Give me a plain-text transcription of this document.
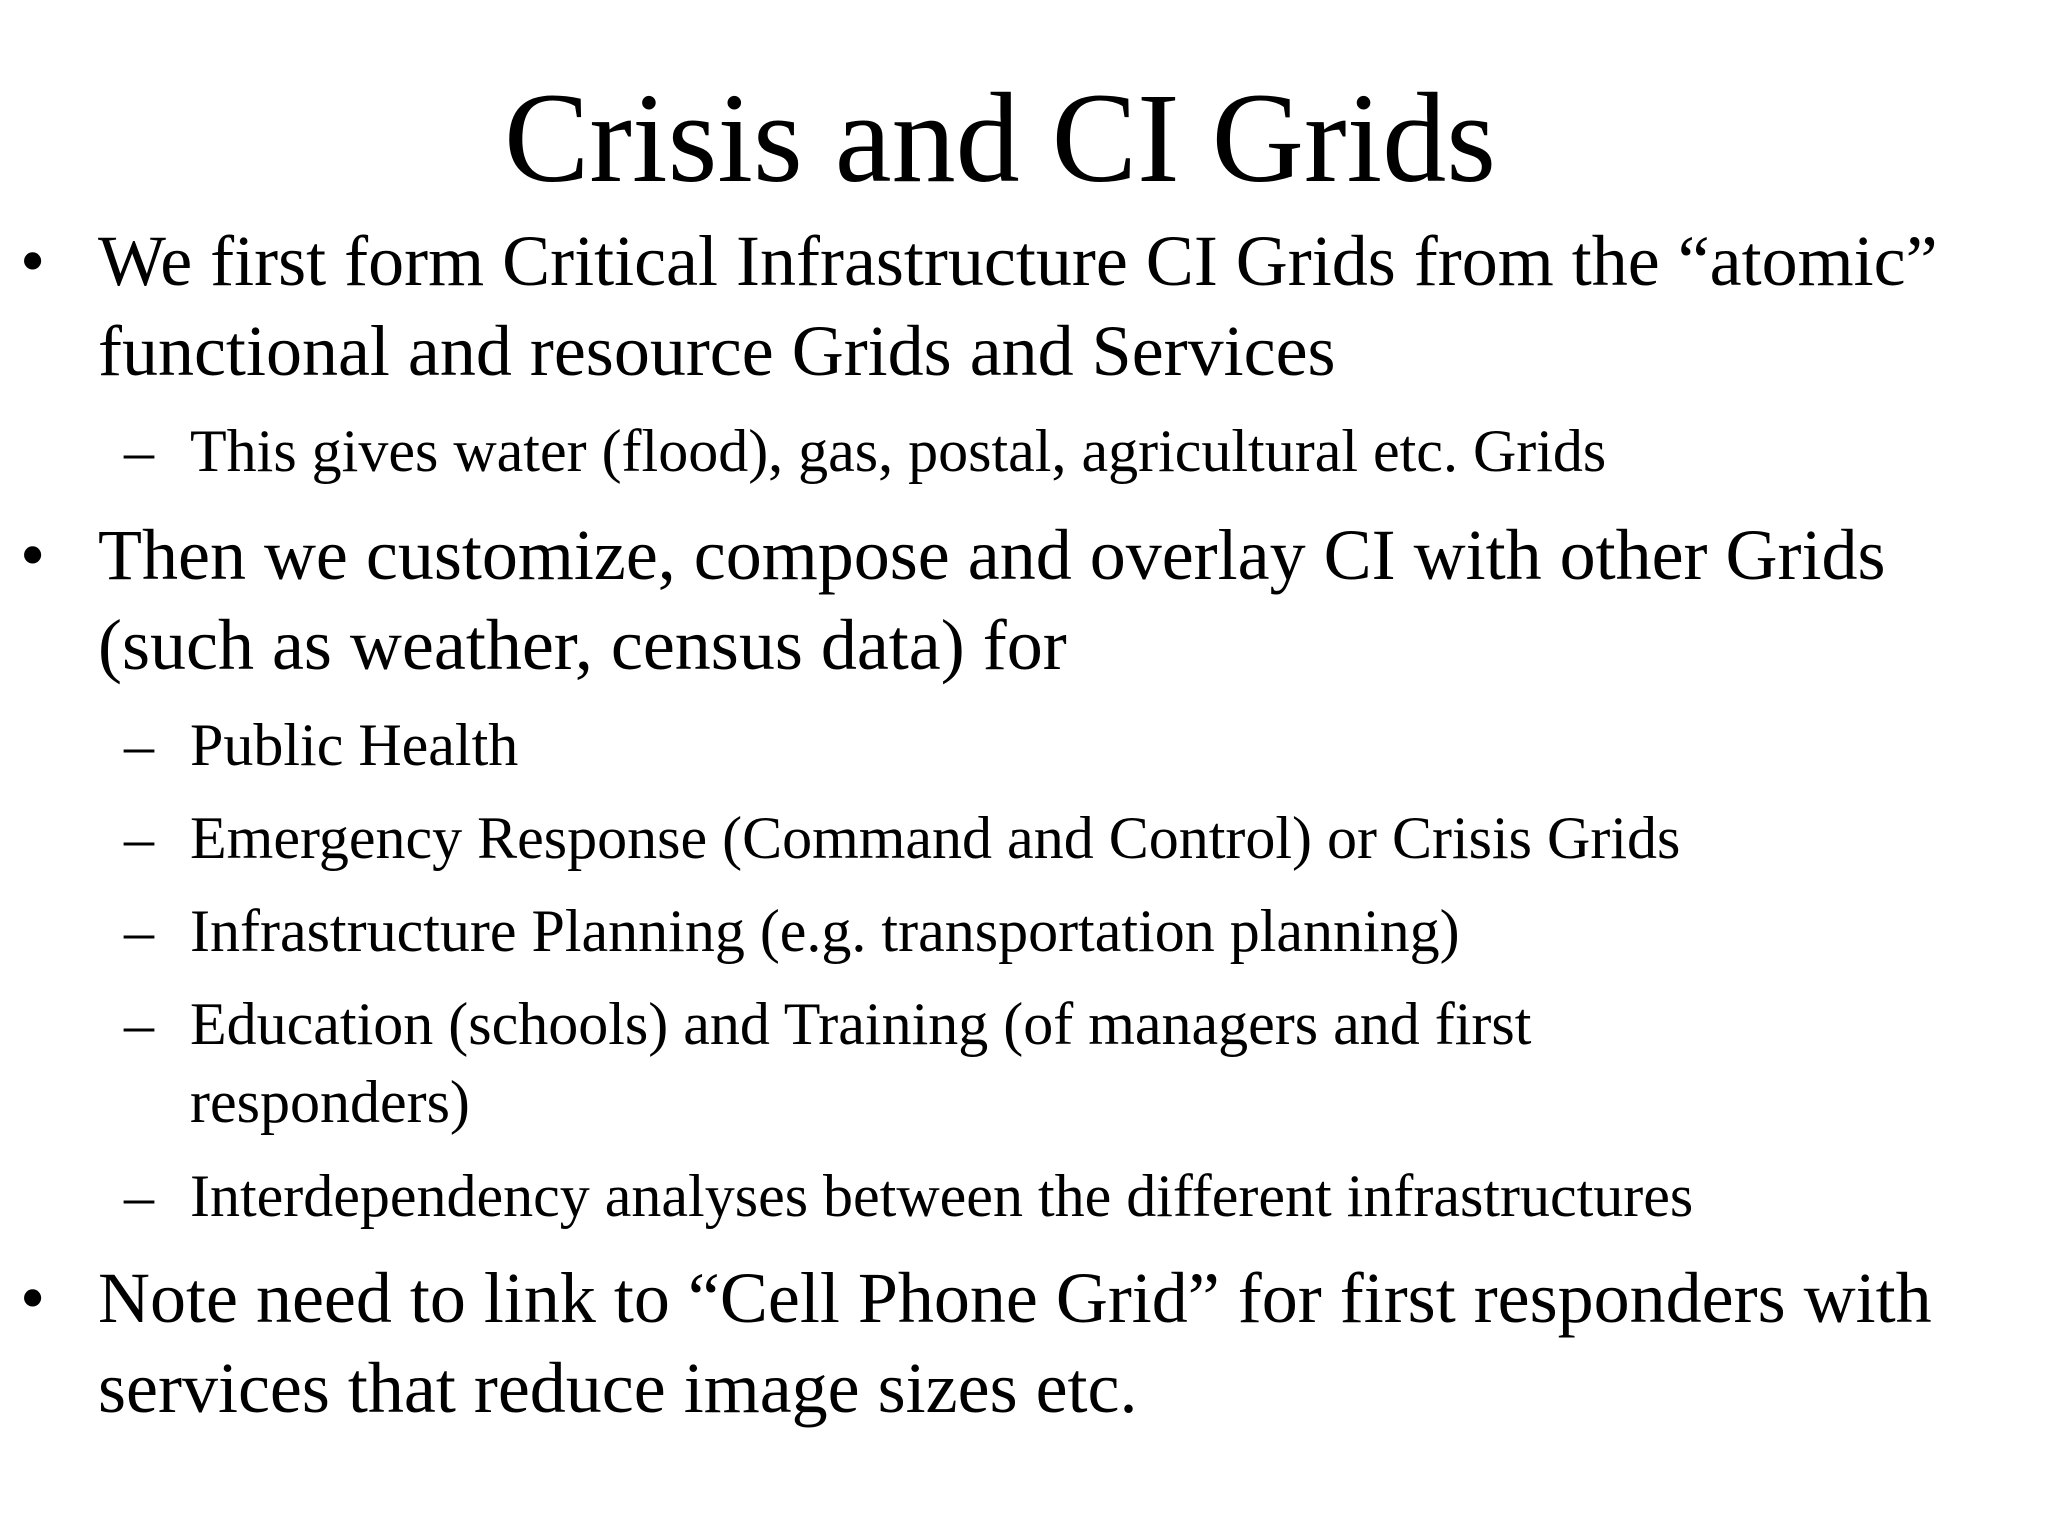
Crisis and CI Grids
• We first form Critical Infrastructure CI Grids from the “atomic” functional and resource Grids and Services
– This gives water (flood), gas, postal, agricultural etc. Grids
• Then we customize, compose and overlay CI with other Grids (such as weather, census data) for
– Public Health
– Emergency Response (Command and Control) or Crisis Grids
– Infrastructure Planning (e.g. transportation planning)
– Education (schools) and Training (of managers and first responders)
– Interdependency analyses between the different infrastructures
• Note need to link to “Cell Phone Grid” for first responders with services that reduce image sizes etc.
